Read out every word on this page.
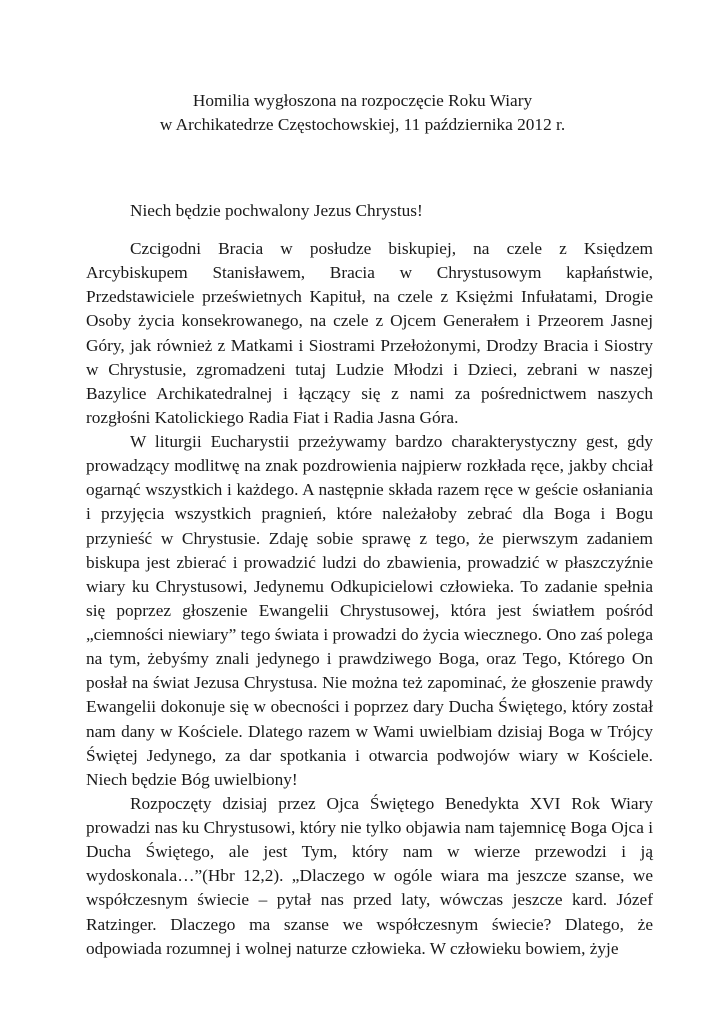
Homilia wygłoszona na rozpoczęcie Roku Wiary
w Archikatedrze Częstochowskiej, 11 października 2012 r.
Niech będzie pochwalony Jezus Chrystus!

Czcigodni Bracia w posłudze biskupiej, na czele z Księdzem Arcybiskupem Stanisławem, Bracia w Chrystusowym kapłaństwie, Przedstawiciele prześwietnych Kapituł, na czele z Księżmi Infułatami, Drogie Osoby życia konsekrowanego, na czele z Ojcem Generałem i Przeorem Jasnej Góry, jak również z Matkami i Siostrami Przełożonymi, Drodzy Bracia i Siostry w Chrystusie, zgromadzeni tutaj Ludzie Młodzi i Dzieci, zebrani w naszej Bazylice Archikatedralnej i łączący się z nami za pośrednictwem naszych rozgłośni Katolickiego Radia Fiat i Radia Jasna Góra.

W liturgii Eucharystii przeżywamy bardzo charakterystyczny gest, gdy prowadzący modlitwę na znak pozdrowienia najpierw rozkłada ręce, jakby chciał ogarnąć wszystkich i każdego. A następnie składa razem ręce w geście osłaniania i przyjęcia wszystkich pragnień, które należałoby zebrać dla Boga i Bogu przynieść w Chrystusie. Zdaję sobie sprawę z tego, że pierwszym zadaniem biskupa jest zbierać i prowadzić ludzi do zbawienia, prowadzić w płaszczyźnie wiary ku Chrystusowi, Jedynemu Odkupicielowi człowieka. To zadanie spełnia się poprzez głoszenie Ewangelii Chrystusowej, która jest światłem pośród „ciemności niewiary” tego świata i prowadzi do życia wiecznego. Ono zaś polega na tym, żebyśmy znali jedynego i prawdziwego Boga, oraz Tego, Którego On posłał na świat Jezusa Chrystusa. Nie można też zapominać, że głoszenie prawdy Ewangelii dokonuje się w obecności i poprzez dary Ducha Świętego, który został nam dany w Kościele. Dlatego razem w Wami uwielbiam dzisiaj Boga w Trójcy Świętej Jedynego, za dar spotkania i otwarcia podwojów wiary w Kościele. Niech będzie Bóg uwielbiony!

Rozpoczęty dzisiaj przez Ojca Świętego Benedykta XVI Rok Wiary prowadzi nas ku Chrystusowi, który nie tylko objawia nam tajemnicę Boga Ojca i Ducha Świętego, ale jest Tym, który nam w wierze przewodzi i ją wydoskonala…”(Hbr 12,2). „Dlaczego w ogóle wiara ma jeszcze szanse, we współczesnym świecie – pytał nas przed laty, wówczas jeszcze kard. Józef Ratzinger. Dlaczego ma szanse we współczesnym świecie? Dlatego, że odpowiada rozumnej i wolnej naturze człowieka. W człowieku bowiem, żyje
